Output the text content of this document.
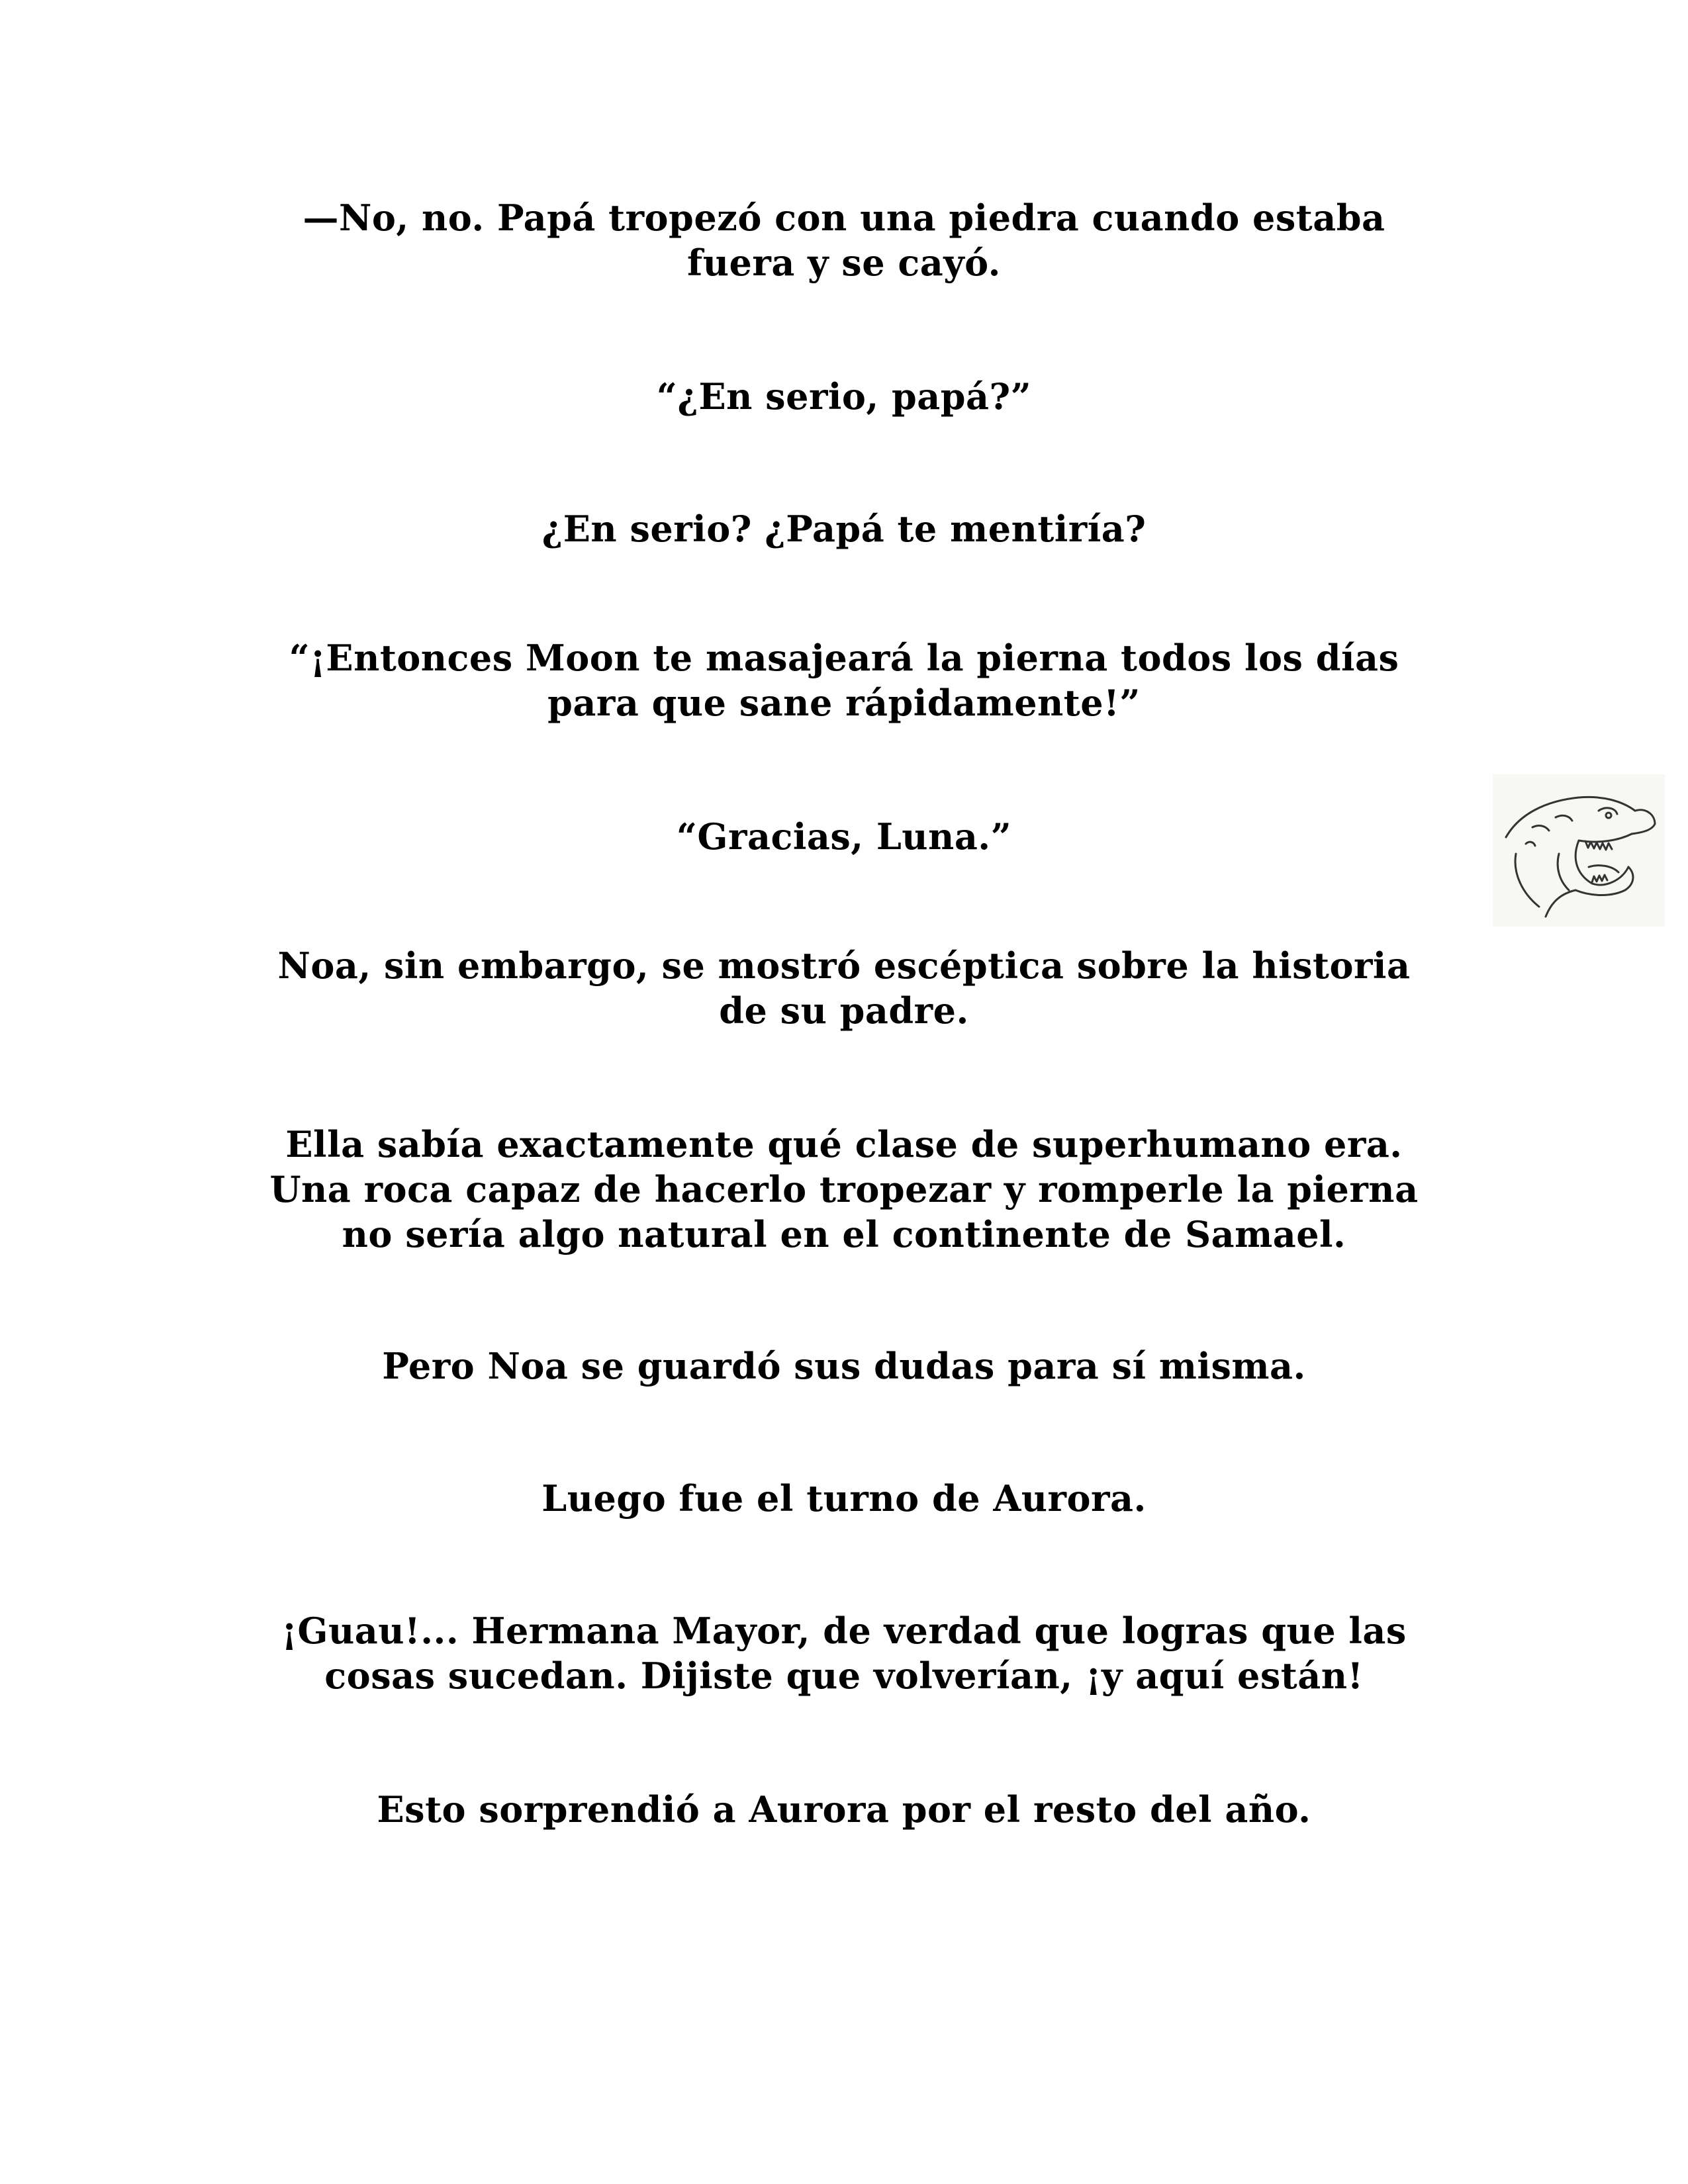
—No, no. Papá tropezó con una piedra cuando estaba fuera y se cayó.

“¿En serio, papá?”

¿En serio? ¿Papá te mentiría?

“¡Entonces Moon te masajeará la pierna todos los días para que sane rápidamente!”

“Gracias, Luna.”

Noa, sin embargo, se mostró escéptica sobre la historia de su padre.

Ella sabía exactamente qué clase de superhumano era. Una roca capaz de hacerlo tropezar y romperle la pierna no sería algo natural en el continente de Samael.

Pero Noa se guardó sus dudas para sí misma.

Luego fue el turno de Aurora.

¡Guau!... Hermana Mayor, de verdad que logras que las cosas sucedan. Dijiste que volverían, ¡y aquí están!

Esto sorprendió a Aurora por el resto del año.
